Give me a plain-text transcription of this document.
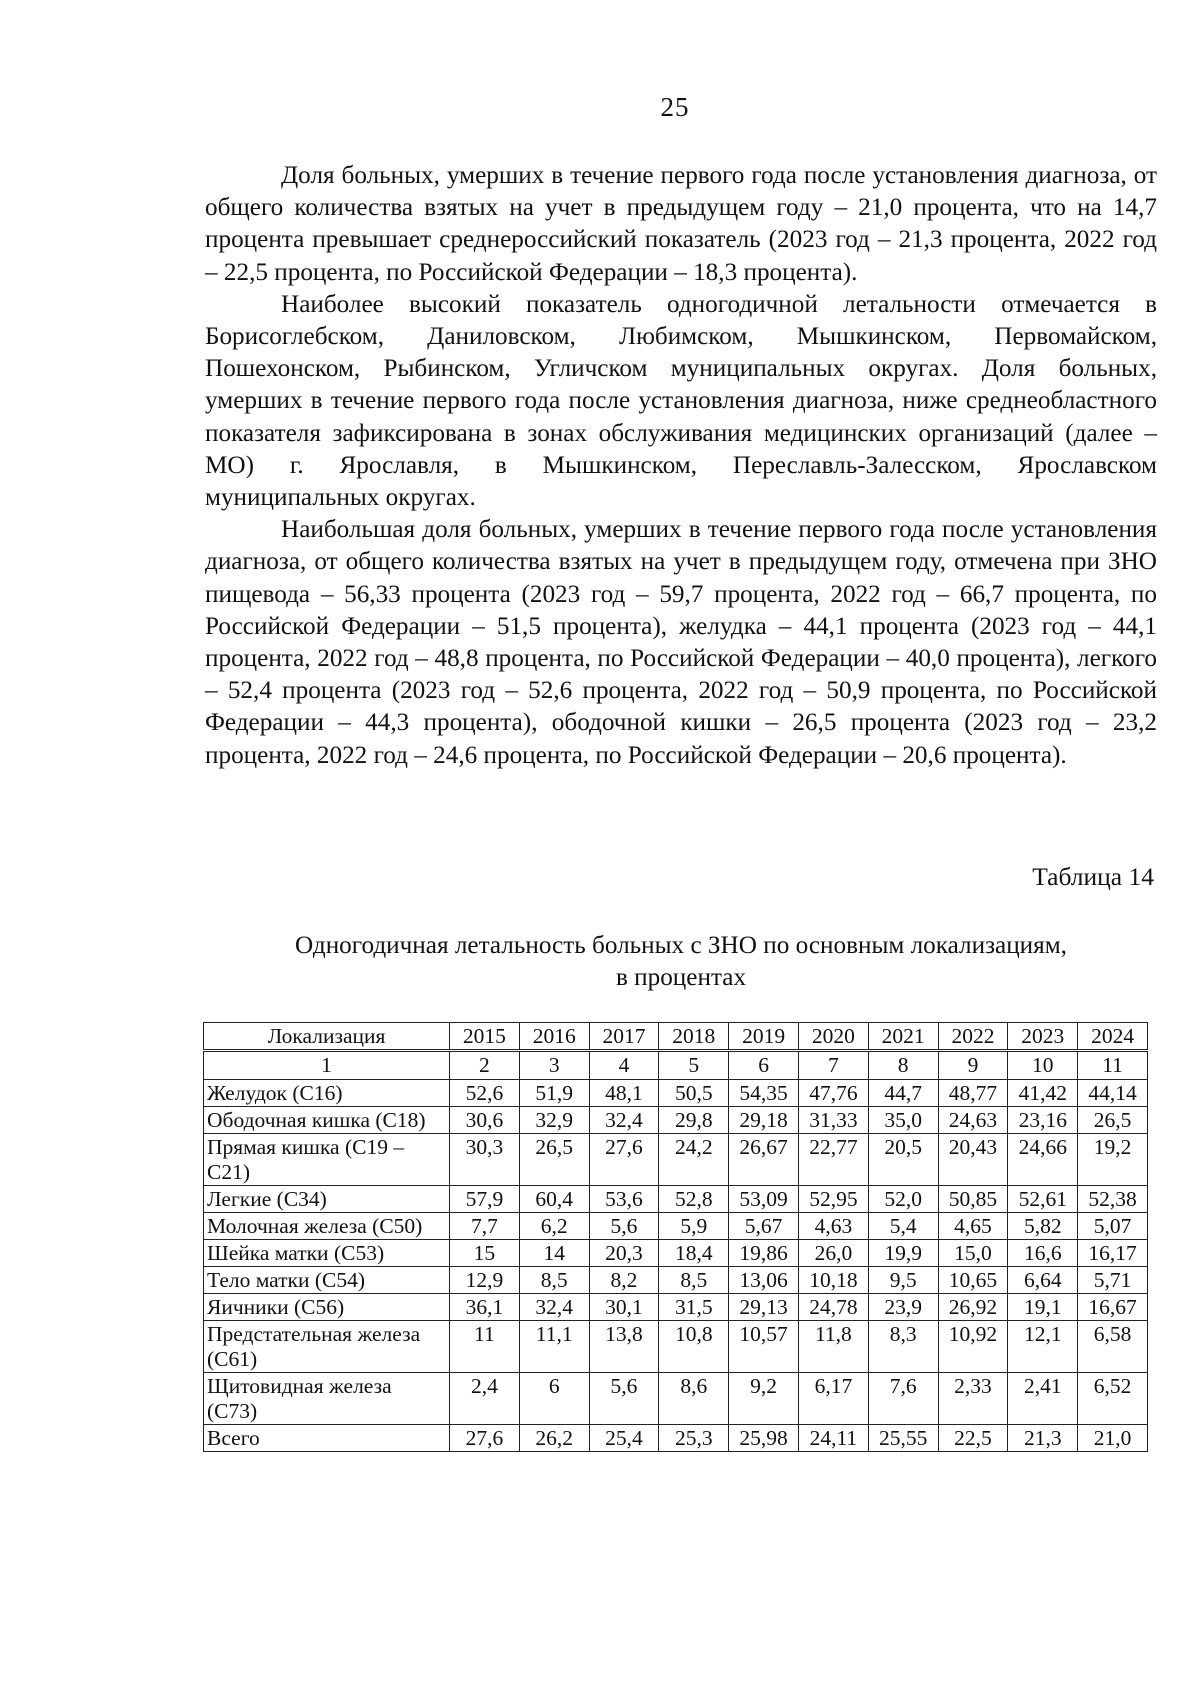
25

Доля больных, умерших в течение первого года после установления диагноза, от общего количества взятых на учет в предыдущем году – 21,0 процента, что на 14,7 процента превышает среднероссийский показатель (2023 год – 21,3 процента, 2022 год – 22,5 процента, по Российской Федерации – 18,3 процента).

Наиболее высокий показатель одногодичной летальности отмечается в Борисоглебском, Даниловском, Любимском, Мышкинском, Первомайском, Пошехонском, Рыбинском, Угличском муниципальных округах. Доля больных, умерших в течение первого года после установления диагноза, ниже среднеобластного показателя зафиксирована в зонах обслуживания медицинских организаций (далее – МО) г. Ярославля, в Мышкинском, Переславль-Залесском, Ярославском муниципальных округах.

Наибольшая доля больных, умерших в течение первого года после установления диагноза, от общего количества взятых на учет в предыдущем году, отмечена при ЗНО пищевода – 56,33 процента (2023 год – 59,7 процента, 2022 год – 66,7 процента, по Российской Федерации – 51,5 процента), желудка – 44,1 процента (2023 год – 44,1 процента, 2022 год – 48,8 процента, по Российской Федерации – 40,0 процента), легкого – 52,4 процента (2023 год – 52,6 процента, 2022 год – 50,9 процента, по Российской Федерации – 44,3 процента), ободочной кишки – 26,5 процента (2023 год – 23,2 процента, 2022 год – 24,6 процента, по Российской Федерации – 20,6 процента).

Таблица 14
Одногодичная летальность больных с ЗНО по основным локализациям,
в процентах
Локализация	2015	2016	2017	2018	2019	2020	2021	2022	2023	2024
1	2	3	4	5	6	7	8	9	10	11
Желудок (С16)	52,6	51,9	48,1	50,5	54,35	47,76	44,7	48,77	41,42	44,14
Ободочная кишка (С18)	30,6	32,9	32,4	29,8	29,18	31,33	35,0	24,63	23,16	26,5
Прямая кишка (С19 – С21)	30,3	26,5	27,6	24,2	26,67	22,77	20,5	20,43	24,66	19,2
Легкие (С34)	57,9	60,4	53,6	52,8	53,09	52,95	52,0	50,85	52,61	52,38
Молочная железа (С50)	7,7	6,2	5,6	5,9	5,67	4,63	5,4	4,65	5,82	5,07
Шейка матки (С53)	15	14	20,3	18,4	19,86	26,0	19,9	15,0	16,6	16,17
Тело матки (С54)	12,9	8,5	8,2	8,5	13,06	10,18	9,5	10,65	6,64	5,71
Яичники (С56)	36,1	32,4	30,1	31,5	29,13	24,78	23,9	26,92	19,1	16,67
Предстательная железа (С61)	11	11,1	13,8	10,8	10,57	11,8	8,3	10,92	12,1	6,58
Щитовидная железа (С73)	2,4	6	5,6	8,6	9,2	6,17	7,6	2,33	2,41	6,52
Всего	27,6	26,2	25,4	25,3	25,98	24,11	25,55	22,5	21,3	21,0
